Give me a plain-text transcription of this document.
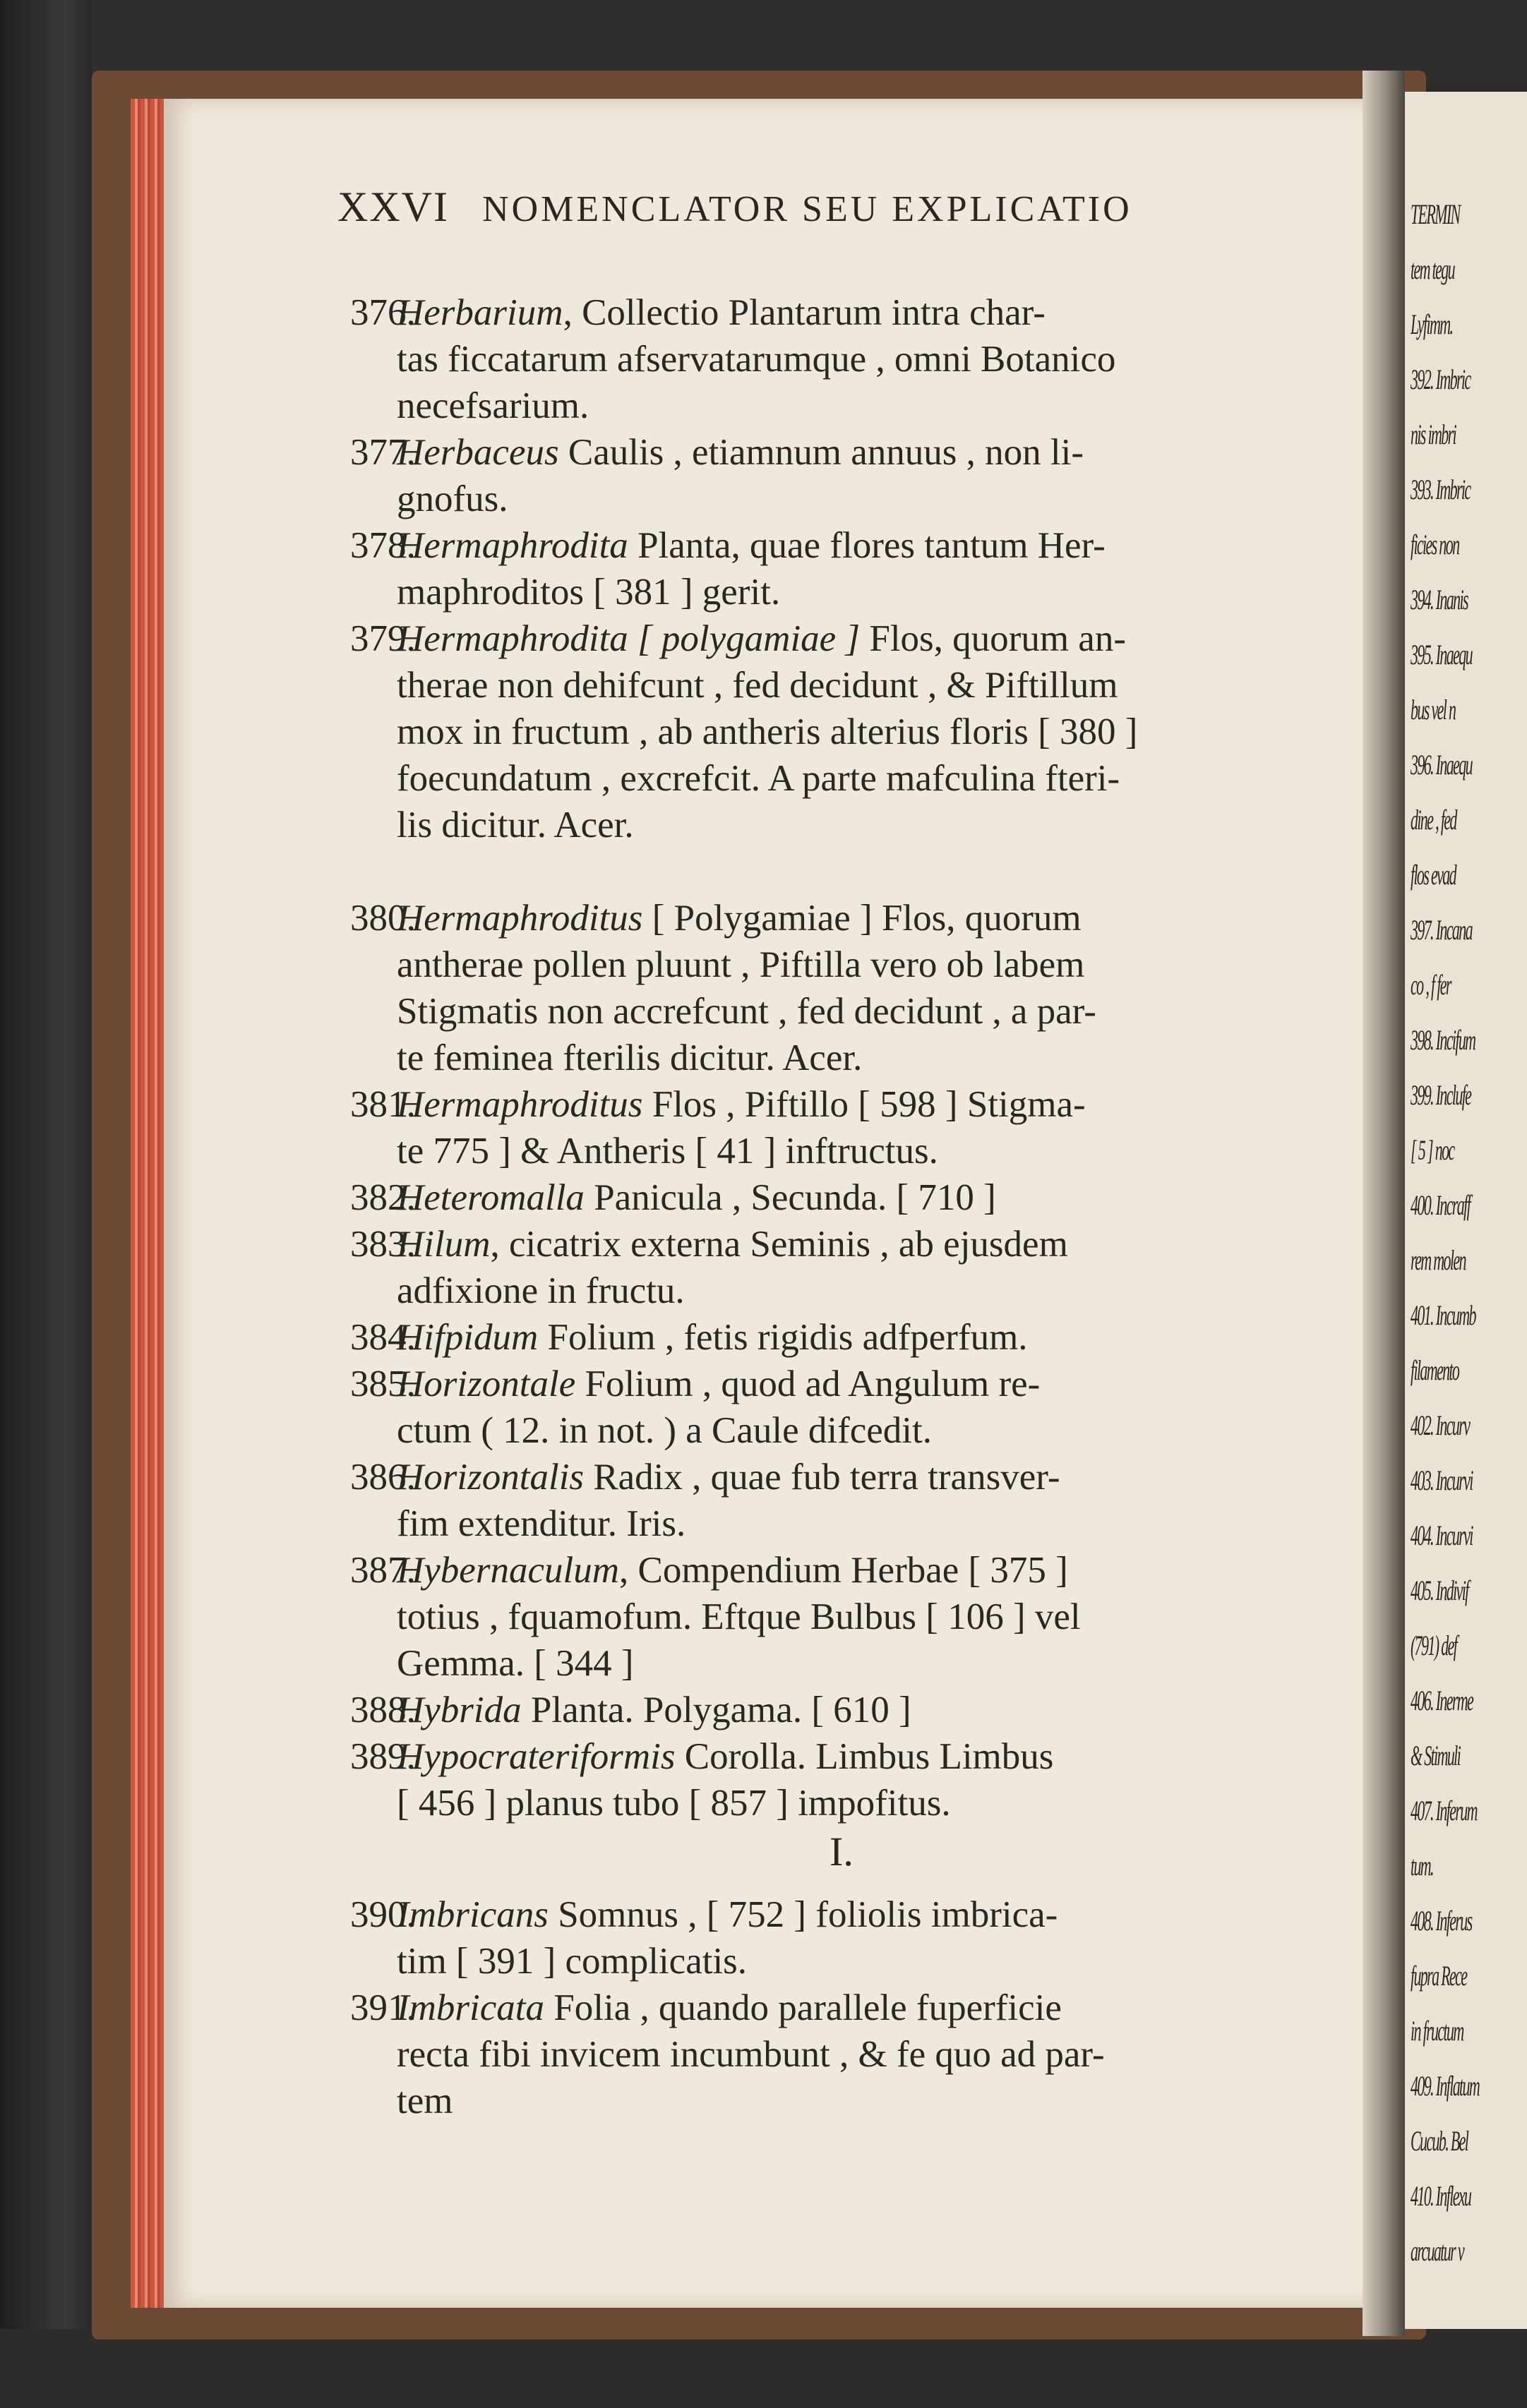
XXVI NOMENCLATOR SEU EXPLICATIO
376.
Herbarium, Collectio Plantarum intra char-
tas ficcatarum afservatarumque , omni Botanico
necefsarium.
377.
Herbaceus Caulis , etiamnum annuus , non li-
gnofus.
378.
Hermaphrodita Planta, quae flores tantum Her-
maphroditos [ 381 ] gerit.
379.
Hermaphrodita [ polygamiae ] Flos, quorum an-
therae non dehifcunt , fed decidunt , & Piftillum
mox in fructum , ab antheris alterius floris [ 380 ]
foecundatum , excrefcit. A parte mafculina fteri-
lis dicitur. Acer.
380.
Hermaphroditus [ Polygamiae ] Flos, quorum
antherae pollen pluunt , Piftilla vero ob labem
Stigmatis non accrefcunt , fed decidunt , a par-
te feminea fterilis dicitur. Acer.
381.
Hermaphroditus Flos , Piftillo [ 598 ] Stigma-
te 775 ] & Antheris [ 41 ] inftructus.
382.
Heteromalla Panicula , Secunda. [ 710 ]
383.
Hilum, cicatrix externa Seminis , ab ejusdem
adfixione in fructu.
384.
Hifpidum Folium , fetis rigidis adfperfum.
385.
Horizontale Folium , quod ad Angulum re-
ctum ( 12. in not. ) a Caule difcedit.
386.
Horizontalis Radix , quae fub terra transver-
fim extenditur. Iris.
387.
Hybernaculum, Compendium Herbae [ 375 ]
totius , fquamofum. Eftque Bulbus [ 106 ] vel
Gemma. [ 344 ]
388.
Hybrida Planta. Polygama. [ 610 ]
389.
Hypocrateriformis Corolla. Limbus Limbus
[ 456 ] planus tubo [ 857 ] impofitus.
390.
Imbricans Somnus , [ 752 ] foliolis imbrica-
tim [ 391 ] complicatis.
391.
Imbricata Folia , quando parallele fuperficie
recta fibi invicem incumbunt , & fe quo ad par-
tem
I.
TERMIN
tem tegu
Lyfimm.
392. Imbric
nis imbri
393. Imbric
ficies non
394. Inanis
395. Inaequ
bus vel n
396. Inaequ
dine , fed
flos evad
397. Incana
co , f fer
398. Incifum
399. Inclufe
[ 5 ] noc
400. Incraff
rem molen
401. Incumb
filamento
402. Incurv
403. Incurvi
404. Incurvi
405. Indivif
(791) def
406. Inerme
& Stimuli
407. Inferum
tum.
408. Inferus
fupra Rece
in fructum
409. Inflatum
Cucub. Bel
410. Inflexu
arcuatur v
